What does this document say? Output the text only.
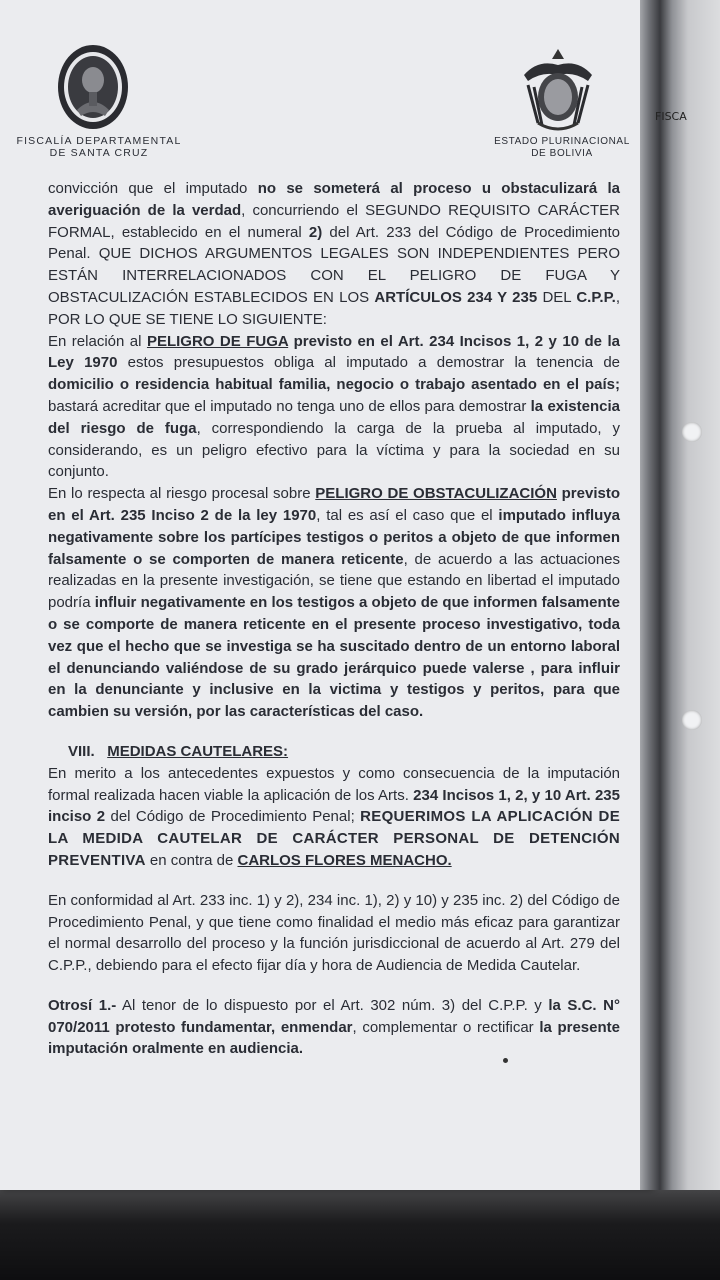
FISCALÍA DEPARTAMENTAL
DE SANTA CRUZ
ESTADO PLURINACIONAL
DE BOLIVIA

convicción que el imputado no se someterá al proceso u obstaculizará la averiguación de la verdad, concurriendo el SEGUNDO REQUISITO CARÁCTER FORMAL, establecido en el numeral 2) del Art. 233 del Código de Procedimiento Penal. QUE DICHOS ARGUMENTOS LEGALES SON INDEPENDIENTES PERO ESTÁN INTERRELACIONADOS CON EL PELIGRO DE FUGA Y OBSTACULIZACIÓN ESTABLECIDOS EN LOS ARTÍCULOS 234 Y 235 DEL C.P.P., POR LO QUE SE TIENE LO SIGUIENTE:

En relación al PELIGRO DE FUGA previsto en el Art. 234 Incisos 1, 2 y 10 de la Ley 1970 estos presupuestos obliga al imputado a demostrar la tenencia de domicilio o residencia habitual familia, negocio o trabajo asentado en el país; bastará acreditar que el imputado no tenga uno de ellos para demostrar la existencia del riesgo de fuga, correspondiendo la carga de la prueba al imputado, y considerando, es un peligro efectivo para la víctima y para la sociedad en su conjunto.

En lo respecta al riesgo procesal sobre PELIGRO DE OBSTACULIZACIÓN previsto en el Art. 235 Inciso 2 de la ley 1970, tal es así el caso que el imputado influya negativamente sobre los partícipes testigos o peritos a objeto de que informen falsamente o se comporten de manera reticente, de acuerdo a las actuaciones realizadas en la presente investigación, se tiene que estando en libertad el imputado podría influir negativamente en los testigos a objeto de que informen falsamente o se comporte de manera reticente en el presente proceso investigativo, toda vez que el hecho que se investiga se ha suscitado dentro de un entorno laboral el denunciando valiéndose de su grado jerárquico puede valerse , para influir en la denunciante y inclusive en la victima y testigos y peritos, para que cambien su versión, por las características del caso.

VIII. MEDIDAS CAUTELARES:

En merito a los antecedentes expuestos y como consecuencia de la imputación formal realizada hacen viable la aplicación de los Arts. 234 Incisos 1, 2, y 10 Art. 235 inciso 2 del Código de Procedimiento Penal; REQUERIMOS LA APLICACIÓN DE LA MEDIDA CAUTELAR DE CARÁCTER PERSONAL DE DETENCIÓN PREVENTIVA en contra de CARLOS FLORES MENACHO.

En conformidad al Art. 233 inc. 1) y 2), 234 inc. 1), 2) y 10) y 235 inc. 2) del Código de Procedimiento Penal, y que tiene como finalidad el medio más eficaz para garantizar el normal desarrollo del proceso y la función jurisdiccional de acuerdo al Art. 279 del C.P.P., debiendo para el efecto fijar día y hora de Audiencia de Medida Cautelar.

Otrosí 1.- Al tenor de lo dispuesto por el Art. 302 núm. 3) del C.P.P. y la S.C. N° 070/2011 protesto fundamentar, enmendar, complementar o rectificar la presente imputación oralmente en audiencia.

FISCA
